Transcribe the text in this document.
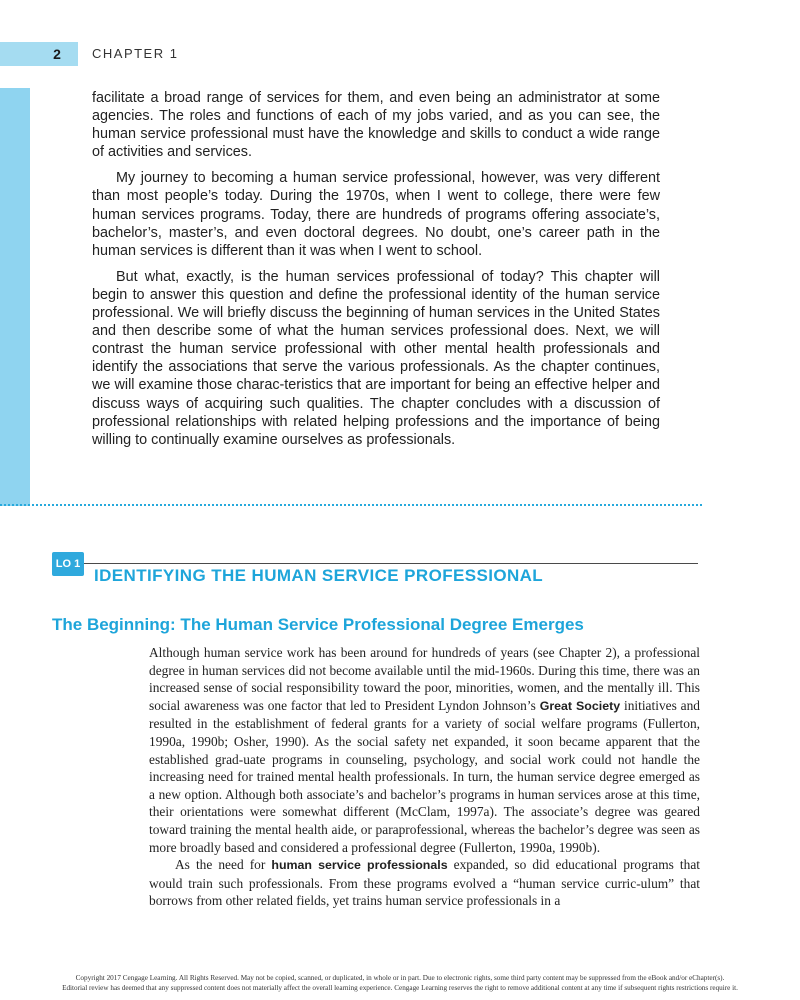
2	CHAPTER 1

facilitate a broad range of services for them, and even being an administrator at some agencies. The roles and functions of each of my jobs varied, and as you can see, the human service professional must have the knowledge and skills to conduct a wide range of activities and services.

My journey to becoming a human service professional, however, was very different than most people’s today. During the 1970s, when I went to college, there were few human services programs. Today, there are hundreds of programs offering associate’s, bachelor’s, master’s, and even doctoral degrees. No doubt, one’s career path in the human services is different than it was when I went to school.

But what, exactly, is the human services professional of today? This chapter will begin to answer this question and define the professional identity of the human service professional. We will briefly discuss the beginning of human services in the United States and then describe some of what the human services professional does. Next, we will contrast the human service professional with other mental health professionals and identify the associations that serve the various professionals. As the chapter continues, we will examine those charac-teristics that are important for being an effective helper and discuss ways of acquiring such qualities. The chapter concludes with a discussion of professional relationships with related helping professions and the importance of being willing to continually examine ourselves as professionals.

LO 1
IDENTIFYING THE HUMAN SERVICE PROFESSIONAL
The Beginning: The Human Service Professional Degree Emerges

Although human service work has been around for hundreds of years (see Chapter 2), a professional degree in human services did not become available until the mid-1960s. During this time, there was an increased sense of social responsibility toward the poor, minorities, women, and the mentally ill. This social awareness was one factor that led to President Lyndon Johnson’s Great Society initiatives and resulted in the establishment of federal grants for a variety of social welfare programs (Fullerton, 1990a, 1990b; Osher, 1990). As the social safety net expanded, it soon became apparent that the established grad-uate programs in counseling, psychology, and social work could not handle the increasing need for trained mental health professionals. In turn, the human service degree emerged as a new option. Although both associate’s and bachelor’s programs in human services arose at this time, their orientations were somewhat different (McClam, 1997a). The associate’s degree was geared toward training the mental health aide, or paraprofessional, whereas the bachelor’s degree was seen as more broadly based and considered a professional degree (Fullerton, 1990a, 1990b).

As the need for human service professionals expanded, so did educational programs that would train such professionals. From these programs evolved a “human service curric-ulum” that borrows from other related fields, yet trains human service professionals in a

Copyright 2017 Cengage Learning. All Rights Reserved. May not be copied, scanned, or duplicated, in whole or in part. Due to electronic rights, some third party content may be suppressed from the eBook and/or eChapter(s).
Editorial review has deemed that any suppressed content does not materially affect the overall learning experience. Cengage Learning reserves the right to remove additional content at any time if subsequent rights restrictions require it.
